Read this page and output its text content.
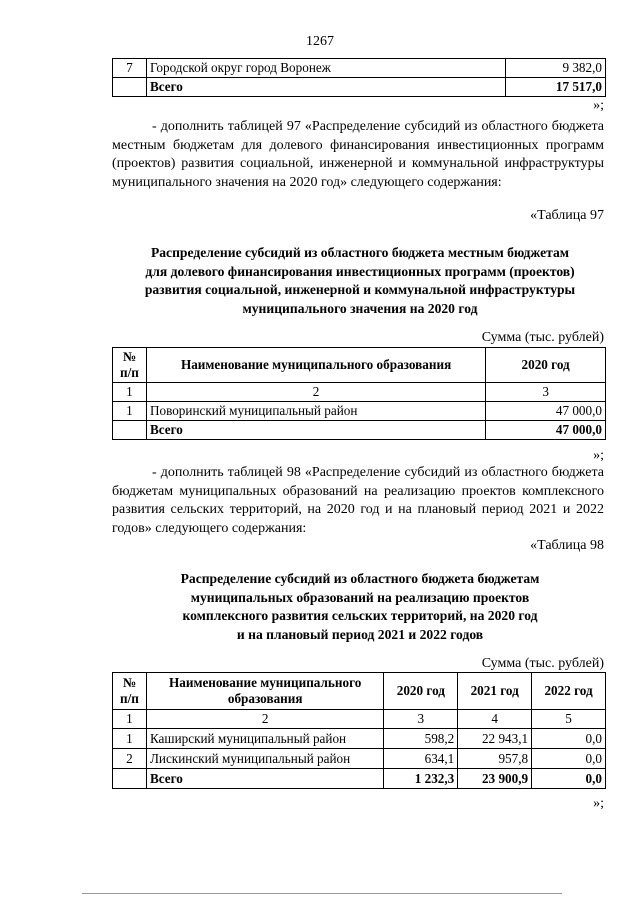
1267
7	Городской округ город Воронеж	9 382,0
	Всего	17 517,0
»;
- дополнить таблицей 97 «Распределение субсидий из областного бюджета местным бюджетам для долевого финансирования инвестиционных программ (проектов) развития социальной, инженерной и коммунальной инфраструктуры муниципального значения на 2020 год» следующего содержания:
«Таблица 97
Распределение субсидий из областного бюджета местным бюджетам
для долевого финансирования инвестиционных программ (проектов)
развития социальной, инженерной и коммунальной инфраструктуры
муниципального значения на 2020 год
Сумма (тыс. рублей)
№ п/п	Наименование муниципального образования	2020 год
1	2	3
1	Поворинский муниципальный район	47 000,0
	Всего	47 000,0
»;
- дополнить таблицей 98 «Распределение субсидий из областного бюджета бюджетам муниципальных образований на реализацию проектов комплексного развития сельских территорий, на 2020 год и на плановый период 2021 и 2022 годов» следующего содержания:
«Таблица 98
Распределение субсидий из областного бюджета бюджетам
муниципальных образований на реализацию проектов
комплексного развития сельских территорий, на 2020 год
и на плановый период 2021 и 2022 годов
Сумма (тыс. рублей)
№ п/п	Наименование муниципального образования	2020 год	2021 год	2022 год
1	2	3	4	5
1	Каширский муниципальный район	598,2	22 943,1	0,0
2	Лискинский муниципальный район	634,1	957,8	0,0
	Всего	1 232,3	23 900,9	0,0
»;
